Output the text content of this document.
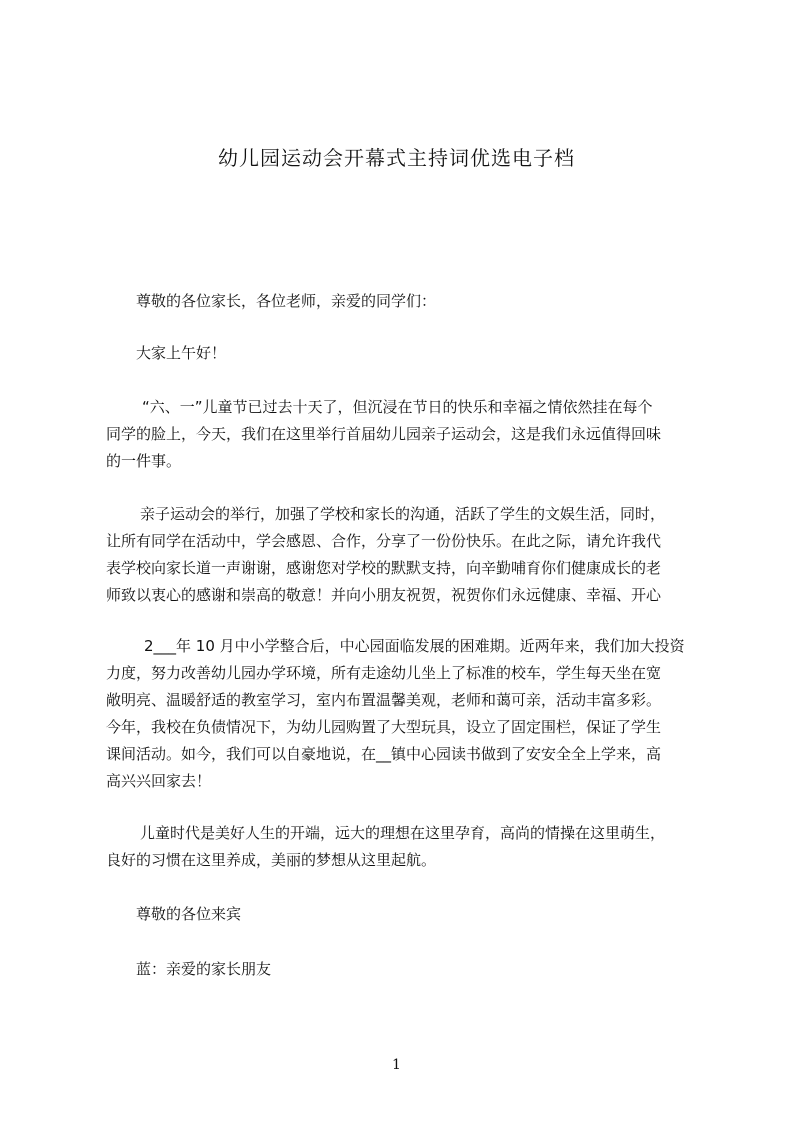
幼儿园运动会开幕式主持词优选电子档
尊敬的各位家长，各位老师，亲爱的同学们：
大家上午好！
“六、一”儿童节已过去十天了，但沉浸在节日的快乐和幸福之情依然挂在每个
同学的脸上，今天，我们在这里举行首届幼儿园亲子运动会，这是我们永远值得回味
的一件事。
亲子运动会的举行，加强了学校和家长的沟通，活跃了学生的文娱生活，同时，
让所有同学在活动中，学会感恩、合作，分享了一份份快乐。在此之际，请允许我代
表学校向家长道一声谢谢，感谢您对学校的默默支持，向辛勤哺育你们健康成长的老
师致以衷心的感谢和崇高的敬意！并向小朋友祝贺，祝贺你们永远健康、幸福、开心
2___年 10 月中小学整合后，中心园面临发展的困难期。近两年来，我们加大投资
力度，努力改善幼儿园办学环境，所有走途幼儿坐上了标准的校车，学生每天坐在宽
敞明亮、温暖舒适的教室学习，室内布置温馨美观，老师和蔼可亲，活动丰富多彩。
今年，我校在负债情况下，为幼儿园购置了大型玩具，设立了固定围栏，保证了学生
课间活动。如今，我们可以自豪地说，在__镇中心园读书做到了安安全全上学来，高
高兴兴回家去！
儿童时代是美好人生的开端，远大的理想在这里孕育，高尚的情操在这里萌生，
良好的习惯在这里养成，美丽的梦想从这里起航。
尊敬的各位来宾
蓝：亲爱的家长朋友
1
